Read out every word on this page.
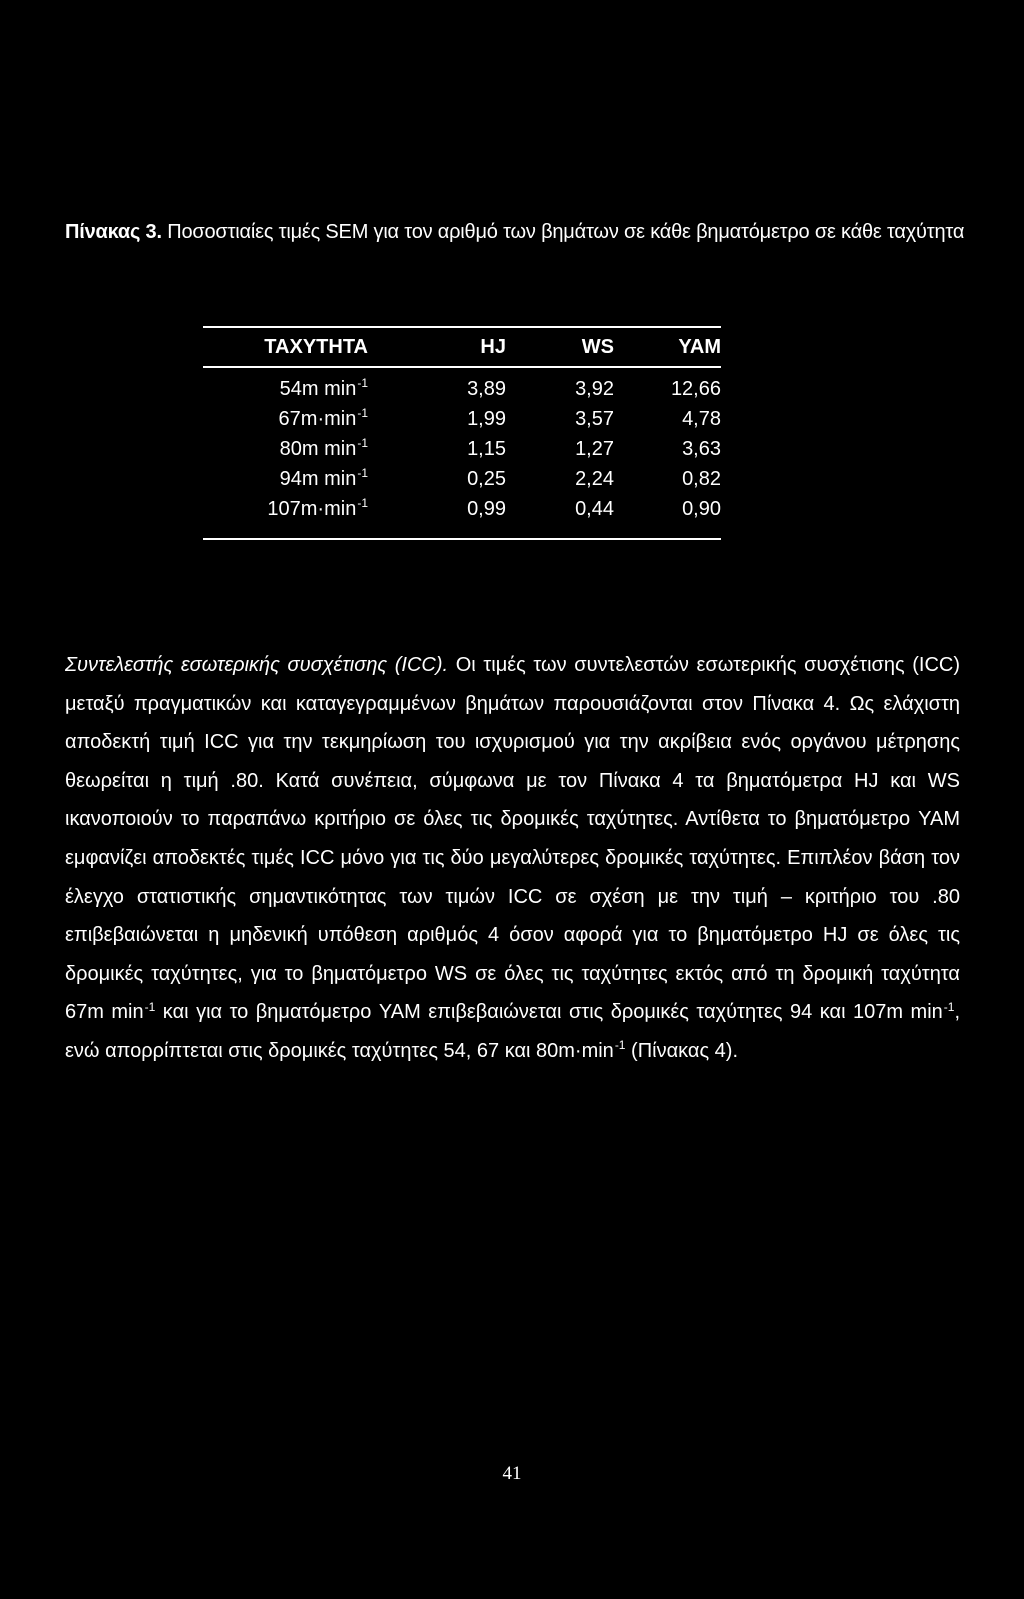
Πίνακας 3. Ποσοστιαίες τιμές SEM για τον αριθμό των βημάτων σε κάθε βηματόμετρο σε κάθε ταχύτητα
ΤΑΧΥΤΗΤΑ	HJ	WS	YAM
54m $\min^{-1}$	3,89	3,92	12,66
$67m\cdot\min^{-1}$	1,99	3,57	4,78
80m $\min^{-1}$	1,15	1,27	3,63
94m $\min^{-1}$	0,25	2,24	0,82
$107m\cdot\min^{-1}$	0,99	0,44	0,90
Συντελεστής εσωτερικής συσχέτισης (ICC). Οι τιμές των συντελεστών εσωτερικής συσχέτισης (ICC) μεταξύ πραγματικών και καταγεγραμμένων βημάτων παρουσιάζονται στον Πίνακα 4. Ως ελάχιστη αποδεκτή τιμή ICC για την τεκμηρίωση του ισχυρισμού για την ακρίβεια ενός οργάνου μέτρησης θεωρείται η τιμή .80. Κατά συνέπεια, σύμφωνα με τον Πίνακα 4 τα βηματόμετρα HJ και WS ικανοποιούν το παραπάνω κριτήριο σε όλες τις δρομικές ταχύτητες. Αντίθετα το βηματόμετρο YAM εμφανίζει αποδεκτές τιμές ICC μόνο για τις δύο μεγαλύτερες δρομικές ταχύτητες. Επιπλέον βάση τον έλεγχο στατιστικής σημαντικότητας των τιμών ICC σε σχέση με την τιμή – κριτήριο του .80 επιβεβαιώνεται η μηδενική υπόθεση αριθμός 4 όσον αφορά για το βηματόμετρο HJ σε όλες τις δρομικές ταχύτητες, για το βηματόμετρο WS σε όλες τις ταχύτητες εκτός από τη δρομική ταχύτητα 67m $\min^{-1} \kappa\alpha\iota$ για το βηματόμετρο YAM επιβεβαιώνεται στις δρομικές ταχύτητες 94 και 107m $\min^{-1}$, ενώ απορρίπτεται στις δρομικές ταχύτητες 54, 67 και $80m\cdot\min^{-1}$ (Πίνακας 4).
41
